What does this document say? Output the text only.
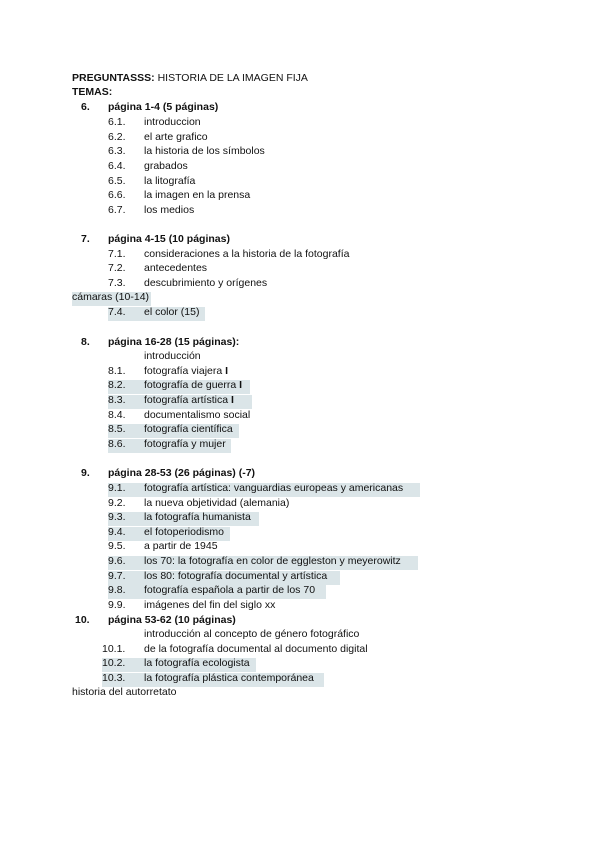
PREGUNTASSS: HISTORIA DE LA IMAGEN FIJA
TEMAS:
6. página 1-4 (5 páginas)
6.1. introduccion
6.2. el arte grafico
6.3. la historia de los símbolos
6.4. grabados
6.5. la litografía
6.6. la imagen en la prensa
6.7. los medios
7. página 4-15 (10 páginas)
7.1. consideraciones a la historia de la fotografía
7.2. antecedentes
7.3. descubrimiento y orígenes
cámaras (10-14)
7.4. el color (15)
8. página 16-28 (15 páginas):
introducción
8.1. fotografía viajera I
8.2. fotografía de guerra I
8.3. fotografía artística I
8.4. documentalismo social
8.5. fotografía científica
8.6. fotografía y mujer
9. página 28-53 (26 páginas) (-7)
9.1. fotografía artística: vanguardias europeas y americanas
9.2. la nueva objetividad (alemania)
9.3. la fotografía humanista
9.4. el fotoperiodismo
9.5. a partir de 1945
9.6. los 70: la fotografía en color de eggleston y meyerowitz
9.7. los 80: fotografía documental y artística
9.8. fotografía española a partir de los 70
9.9. imágenes del fin del siglo xx
10. página 53-62 (10 páginas)
introducción al concepto de género fotográfico
10.1. de la fotografía documental al documento digital
10.2. la fotografía ecologista
10.3. la fotografía plástica contemporánea
historia del autorretato
